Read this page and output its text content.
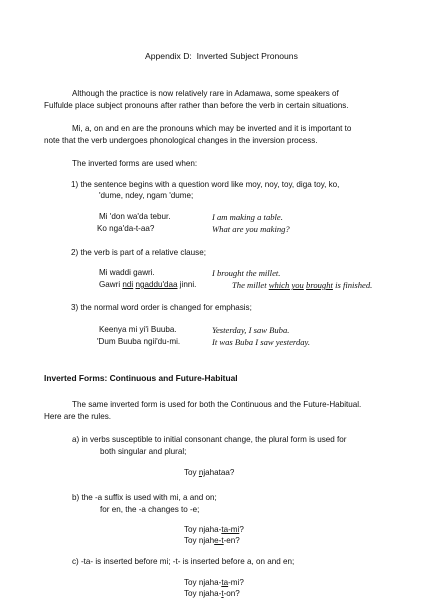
Appendix D: Inverted Subject Pronouns
Although the practice is now relatively rare in Adamawa, some speakers of
Fulfulde place subject pronouns after rather than before the verb in certain situations.
Mi, a, on and en are the pronouns which may be inverted and it is important to
note that the verb undergoes phonological changes in the inversion process.
The inverted forms are used when:
1) the sentence begins with a question word like moy, noy, toy, diga toy, ko,
'dume, ndey, ngam 'dume;
Mi 'don wa'da tebur.	I am making a table.
Ko nga'da-t-aa?	What are you making?
2) the verb is part of a relative clause;
Mi waddi gawri.	I brought the millet.
Gawri ndi ngaddu'daa jinni.	The millet which you brought is finished.
3) the normal word order is changed for emphasis;
Keenya mi yi'i Buuba.	Yesterday, I saw Buba.
'Dum Buuba ngii'du-mi.	It was Buba I saw yesterday.
Inverted Forms: Continuous and Future-Habitual
The same inverted form is used for both the Continuous and the Future-Habitual.
Here are the rules.
a) in verbs susceptible to initial consonant change, the plural form is used for
both singular and plural;
Toy njahataa?
b) the -a suffix is used with mi, a and on;
for en, the -a changes to -e;
Toy njaha-ta-mi?
Toy njahe-t-en?
c) -ta- is inserted before mi; -t- is inserted before a, on and en;
Toy njaha-ta-mi?
Toy njaha-t-on?
